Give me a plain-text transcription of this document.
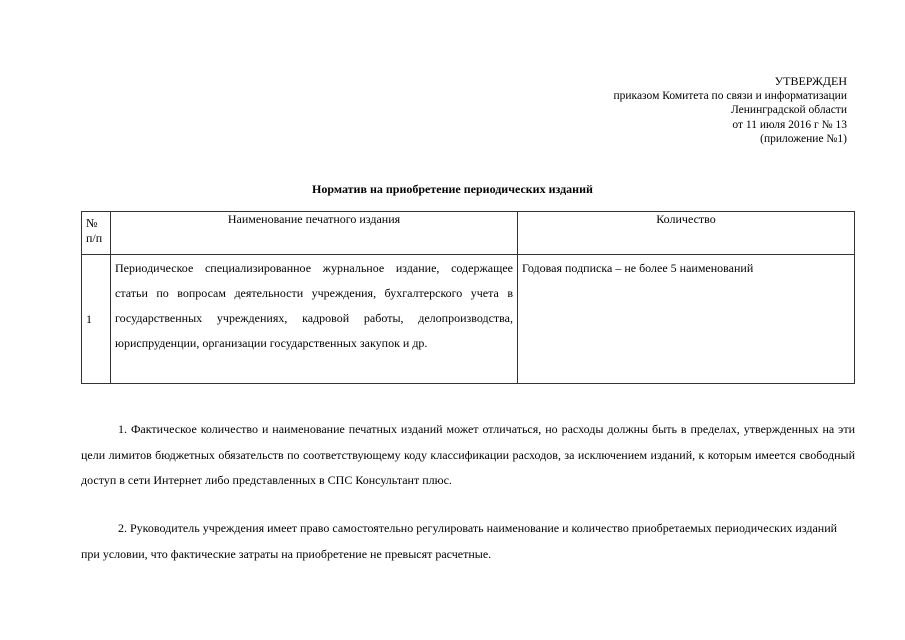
УТВЕРЖДЕН
приказом Комитета по связи и информатизации
Ленинградской области
от 11 июля 2016 г № 13
(приложение №1)
Норматив на приобретение периодических изданий
№
п/п	Наименование печатного издания	Количество
1	Периодическое специализированное журнальное издание, содержащее статьи по вопросам деятельности учреждения, бухгалтерского учета в государственных учреждениях, кадровой работы, делопроизводства, юриспруденции, организации государственных закупок и др.	Годовая подписка – не более 5 наименований

1. Фактическое количество и наименование печатных изданий может отличаться, но расходы должны быть в пределах, утвержденных на эти цели лимитов бюджетных обязательств по соответствующему коду классификации расходов, за исключением изданий, к которым имеется свободный доступ в сети Интернет либо представленных в СПС Консультант плюс.

2. Руководитель учреждения имеет право самостоятельно регулировать наименование и количество приобретаемых периодических изданий при условии, что фактические затраты на приобретение не превысят расчетные.
